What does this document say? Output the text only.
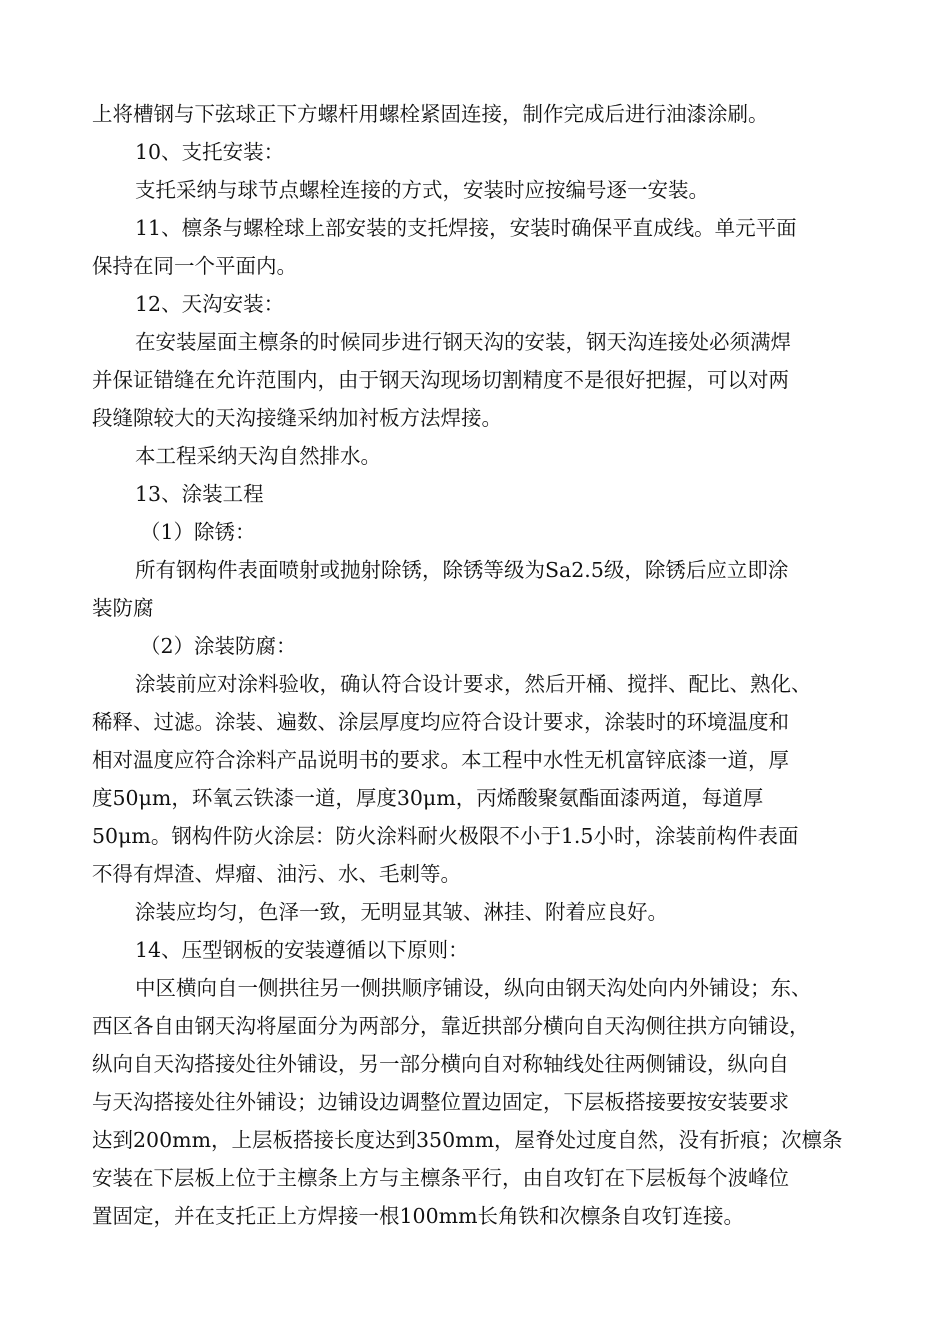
上将槽钢与下弦球正下方螺杆用螺栓紧固连接，制作完成后进行油漆涂刷。
10、支托安装：
支托采纳与球节点螺栓连接的方式，安装时应按编号逐一安装。
11、檩条与螺栓球上部安装的支托焊接，安装时确保平直成线。单元平面
保持在同一个平面内。
12、天沟安装：
在安装屋面主檩条的时候同步进行钢天沟的安装，钢天沟连接处必须满焊
并保证错缝在允许范围内，由于钢天沟现场切割精度不是很好把握，可以对两
段缝隙较大的天沟接缝采纳加衬板方法焊接。
本工程采纳天沟自然排水。
13、涂装工程
（1）除锈：
所有钢构件表面喷射或抛射除锈，除锈等级为Sa2.5级，除锈后应立即涂
装防腐
（2）涂装防腐：
涂装前应对涂料验收，确认符合设计要求，然后开桶、搅拌、配比、熟化、
稀释、过滤。涂装、遍数、涂层厚度均应符合设计要求，涂装时的环境温度和
相对温度应符合涂料产品说明书的要求。本工程中水性无机富锌底漆一道，厚
度50μm，环氧云铁漆一道，厚度30μm，丙烯酸聚氨酯面漆两道，每道厚
50μm。钢构件防火涂层：防火涂料耐火极限不小于1.5小时，涂装前构件表面
不得有焊渣、焊瘤、油污、水、毛刺等。
涂装应均匀，色泽一致，无明显其皱、淋挂、附着应良好。
14、压型钢板的安装遵循以下原则：
中区横向自一侧拱往另一侧拱顺序铺设，纵向由钢天沟处向内外铺设；东、
西区各自由钢天沟将屋面分为两部分，靠近拱部分横向自天沟侧往拱方向铺设，
纵向自天沟搭接处往外铺设，另一部分横向自对称轴线处往两侧铺设，纵向自
与天沟搭接处往外铺设；边铺设边调整位置边固定，下层板搭接要按安装要求
达到200mm，上层板搭接长度达到350mm，屋脊处过度自然，没有折痕；次檩条
安装在下层板上位于主檩条上方与主檩条平行，由自攻钉在下层板每个波峰位
置固定，并在支托正上方焊接一根100mm长角铁和次檩条自攻钉连接。
